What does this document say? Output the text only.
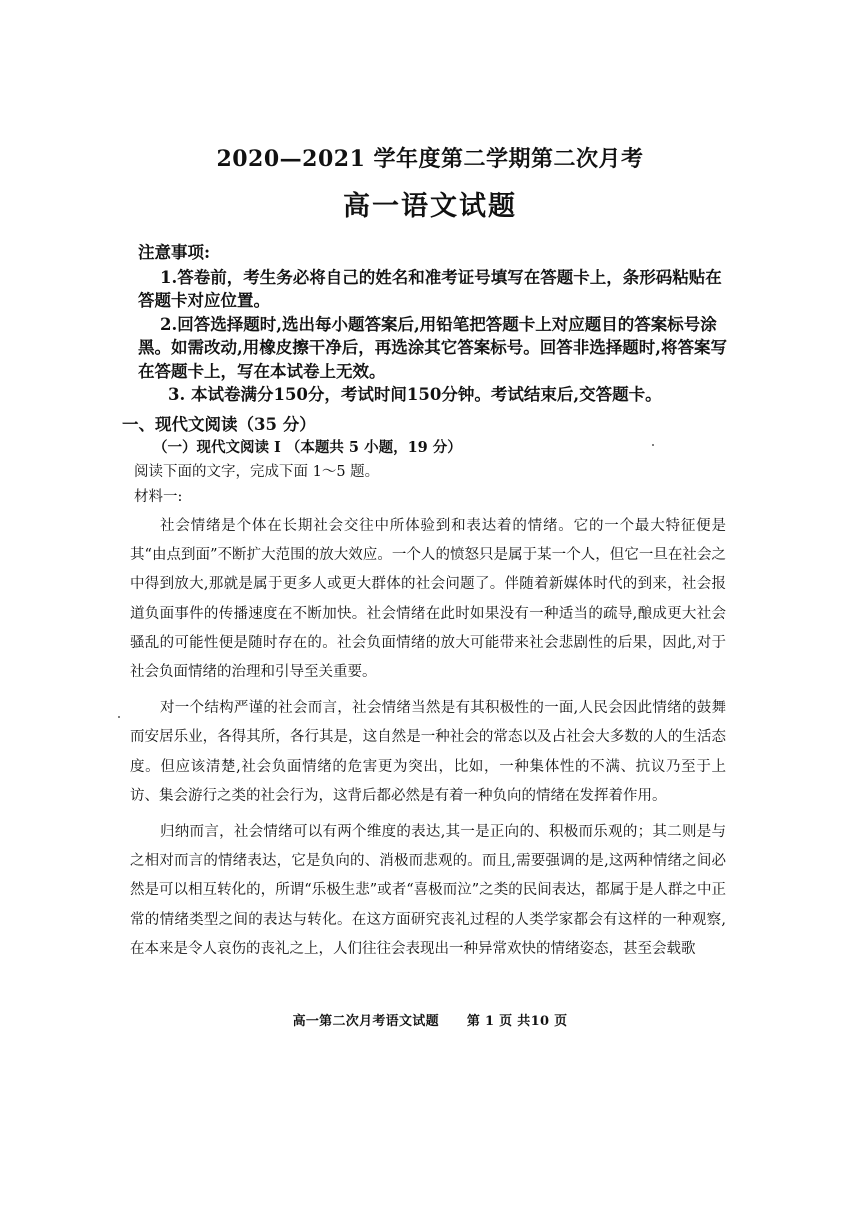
2020—2021 学年度第二学期第二次月考
高一语文试题

注意事项:

1.答卷前，考生务必将自己的姓名和准考证号填写在答题卡上，条形码粘贴在答题卡对应位置。

2.回答选择题时,选出每小题答案后,用铅笔把答题卡上对应题目的答案标号涂黑。如需改动,用橡皮擦干净后，再选涂其它答案标号。回答非选择题时,将答案写在答题卡上，写在本试卷上无效。

3. 本试卷满分150分，考试时间150分钟。考试结束后,交答题卡。

一、现代文阅读（35 分）
（一）现代文阅读 I （本题共 5 小题，19 分）
阅读下面的文字，完成下面 1～5 题。
材料一:

社会情绪是个体在长期社会交往中所体验到和表达着的情绪。它的一个最大特征便是其“由点到面”不断扩大范围的放大效应。一个人的愤怒只是属于某一个人，但它一旦在社会之中得到放大,那就是属于更多人或更大群体的社会问题了。伴随着新媒体时代的到来，社会报道负面事件的传播速度在不断加快。社会情绪在此时如果没有一种适当的疏导,酿成更大社会骚乱的可能性便是随时存在的。社会负面情绪的放大可能带来社会悲剧性的后果，因此,对于社会负面情绪的治理和引导至关重要。

对一个结构严谨的社会而言，社会情绪当然是有其积极性的一面,人民会因此情绪的鼓舞而安居乐业，各得其所，各行其是，这自然是一种社会的常态以及占社会大多数的人的生活态度。但应该清楚,社会负面情绪的危害更为突出，比如，一种集体性的不满、抗议乃至于上访、集会游行之类的社会行为，这背后都必然是有着一种负向的情绪在发挥着作用。

归纳而言，社会情绪可以有两个维度的表达,其一是正向的、积极而乐观的；其二则是与之相对而言的情绪表达，它是负向的、消极而悲观的。而且,需要强调的是,这两种情绪之间必然是可以相互转化的，所谓“乐极生悲”或者“喜极而泣”之类的民间表达，都属于是人群之中正常的情绪类型之间的表达与转化。在这方面研究丧礼过程的人类学家都会有这样的一种观察,在本来是令人哀伤的丧礼之上，人们往往会表现出一种异常欢快的情绪姿态，甚至会载歌

高一第二次月考语文试题 第 1 页 共10 页
